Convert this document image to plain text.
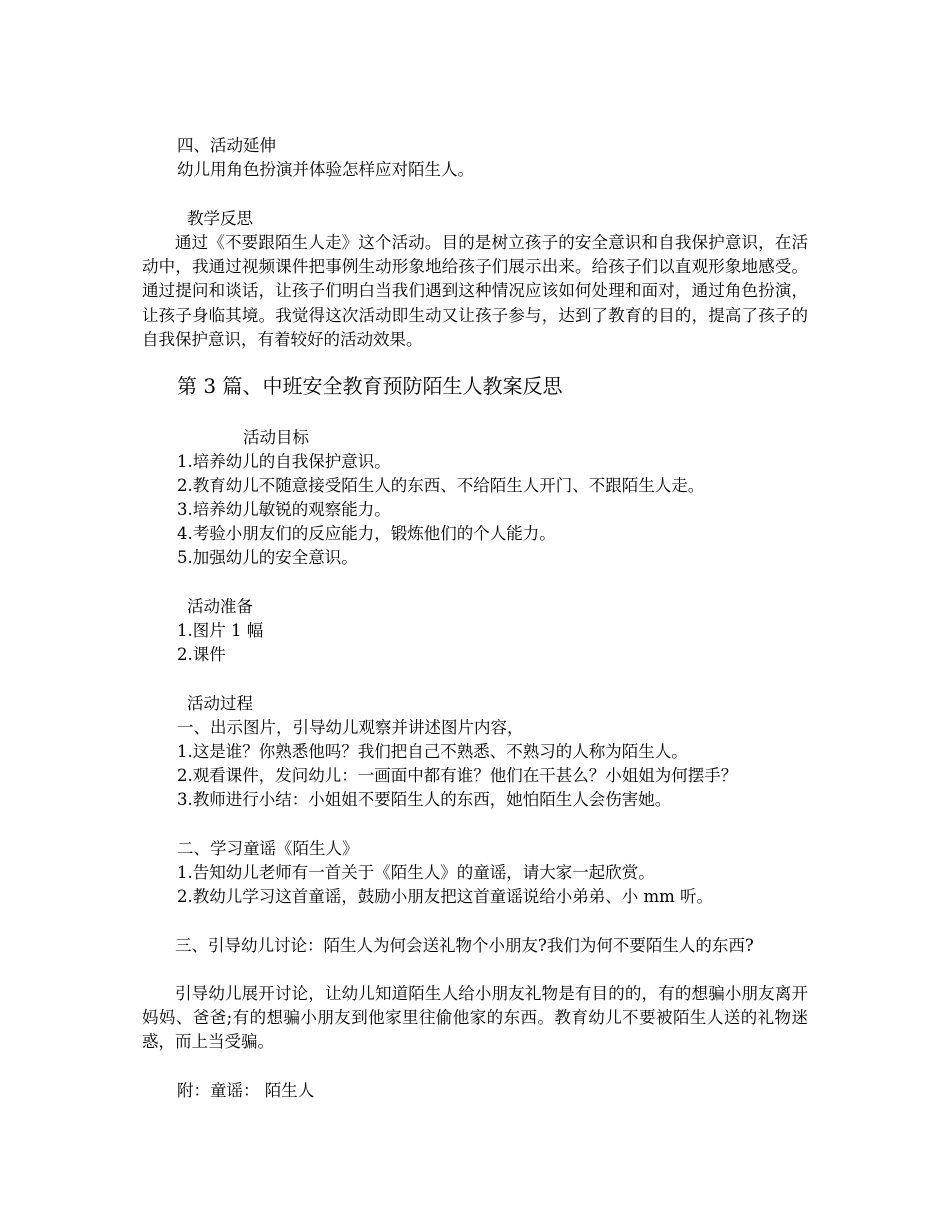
四、活动延伸

幼儿用角色扮演并体验怎样应对陌生人。

教学反思

通过《不要跟陌生人走》这个活动。目的是树立孩子的安全意识和自我保护意识，在活动中，我通过视频课件把事例生动形象地给孩子们展示出来。给孩子们以直观形象地感受。通过提问和谈话，让孩子们明白当我们遇到这种情况应该如何处理和面对，通过角色扮演，让孩子身临其境。我觉得这次活动即生动又让孩子参与，达到了教育的目的，提高了孩子的自我保护意识，有着较好的活动效果。

第 3 篇、中班安全教育预防陌生人教案反思

活动目标

1.培养幼儿的自我保护意识。

2.教育幼儿不随意接受陌生人的东西、不给陌生人开门、不跟陌生人走。

3.培养幼儿敏锐的观察能力。

4.考验小朋友们的反应能力，锻炼他们的个人能力。

5.加强幼儿的安全意识。

活动准备

1.图片 1 幅

2.课件

活动过程

一、出示图片，引导幼儿观察并讲述图片内容，

1.这是谁？你熟悉他吗？我们把自己不熟悉、不熟习的人称为陌生人。

2.观看课件，发问幼儿：一画面中都有谁？他们在干甚么？小姐姐为何摆手？

3.教师进行小结：小姐姐不要陌生人的东西，她怕陌生人会伤害她。

二、学习童谣《陌生人》

1.告知幼儿老师有一首关于《陌生人》的童谣，请大家一起欣赏。

2.教幼儿学习这首童谣，鼓励小朋友把这首童谣说给小弟弟、小 mm 听。

三、引导幼儿讨论：陌生人为何会送礼物个小朋友?我们为何不要陌生人的东西?

引导幼儿展开讨论，让幼儿知道陌生人给小朋友礼物是有目的的，有的想骗小朋友离开妈妈、爸爸;有的想骗小朋友到他家里往偷他家的东西。教育幼儿不要被陌生人送的礼物迷惑，而上当受骗。

附：童谣： 陌生人
